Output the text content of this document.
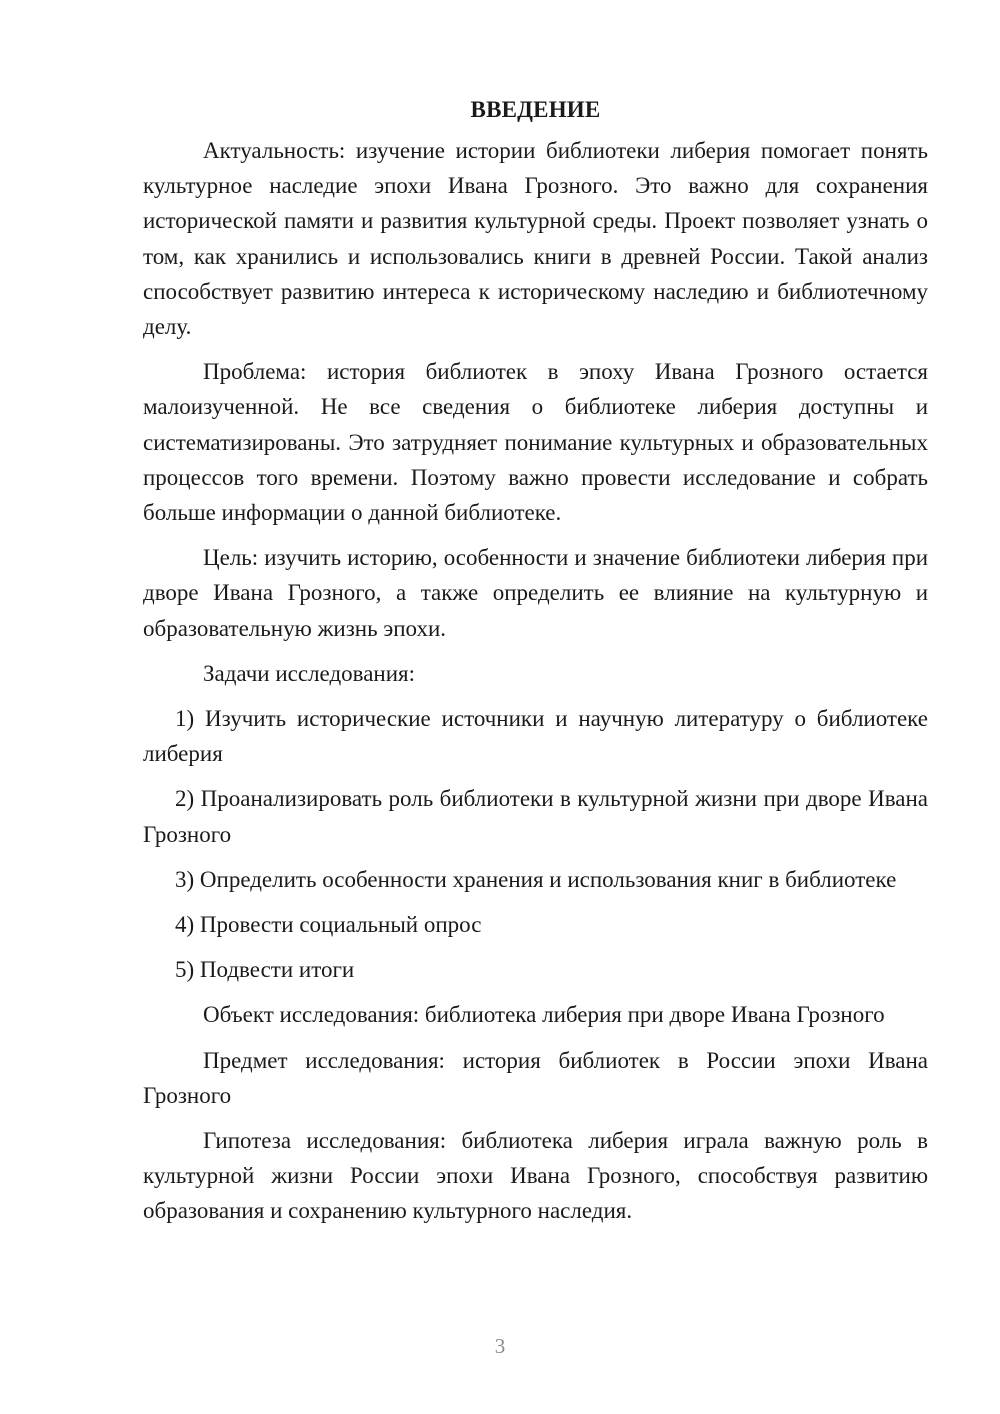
ВВЕДЕНИЕ

Актуальность: изучение истории библиотеки либерия помогает понять культурное наследие эпохи Ивана Грозного. Это важно для сохранения исторической памяти и развития культурной среды. Проект позволяет узнать о том, как хранились и использовались книги в древней России. Такой анализ способствует развитию интереса к историческому наследию и библиотечному делу.

Проблема: история библиотек в эпоху Ивана Грозного остается малоизученной. Не все сведения о библиотеке либерия доступны и систематизированы. Это затрудняет понимание культурных и образовательных процессов того времени. Поэтому важно провести исследование и собрать больше информации о данной библиотеке.

Цель: изучить историю, особенности и значение библиотеки либерия при дворе Ивана Грозного, а также определить ее влияние на культурную и образовательную жизнь эпохи.

Задачи исследования:

1) Изучить исторические источники и научную литературу о библиотеке либерия

2) Проанализировать роль библиотеки в культурной жизни при дворе Ивана Грозного

3) Определить особенности хранения и использования книг в библиотеке

4) Провести социальный опрос

5) Подвести итоги

Объект исследования: библиотека либерия при дворе Ивана Грозного

Предмет исследования: история библиотек в России эпохи Ивана Грозного

Гипотеза исследования: библиотека либерия играла важную роль в культурной жизни России эпохи Ивана Грозного, способствуя развитию образования и сохранению культурного наследия.

3
